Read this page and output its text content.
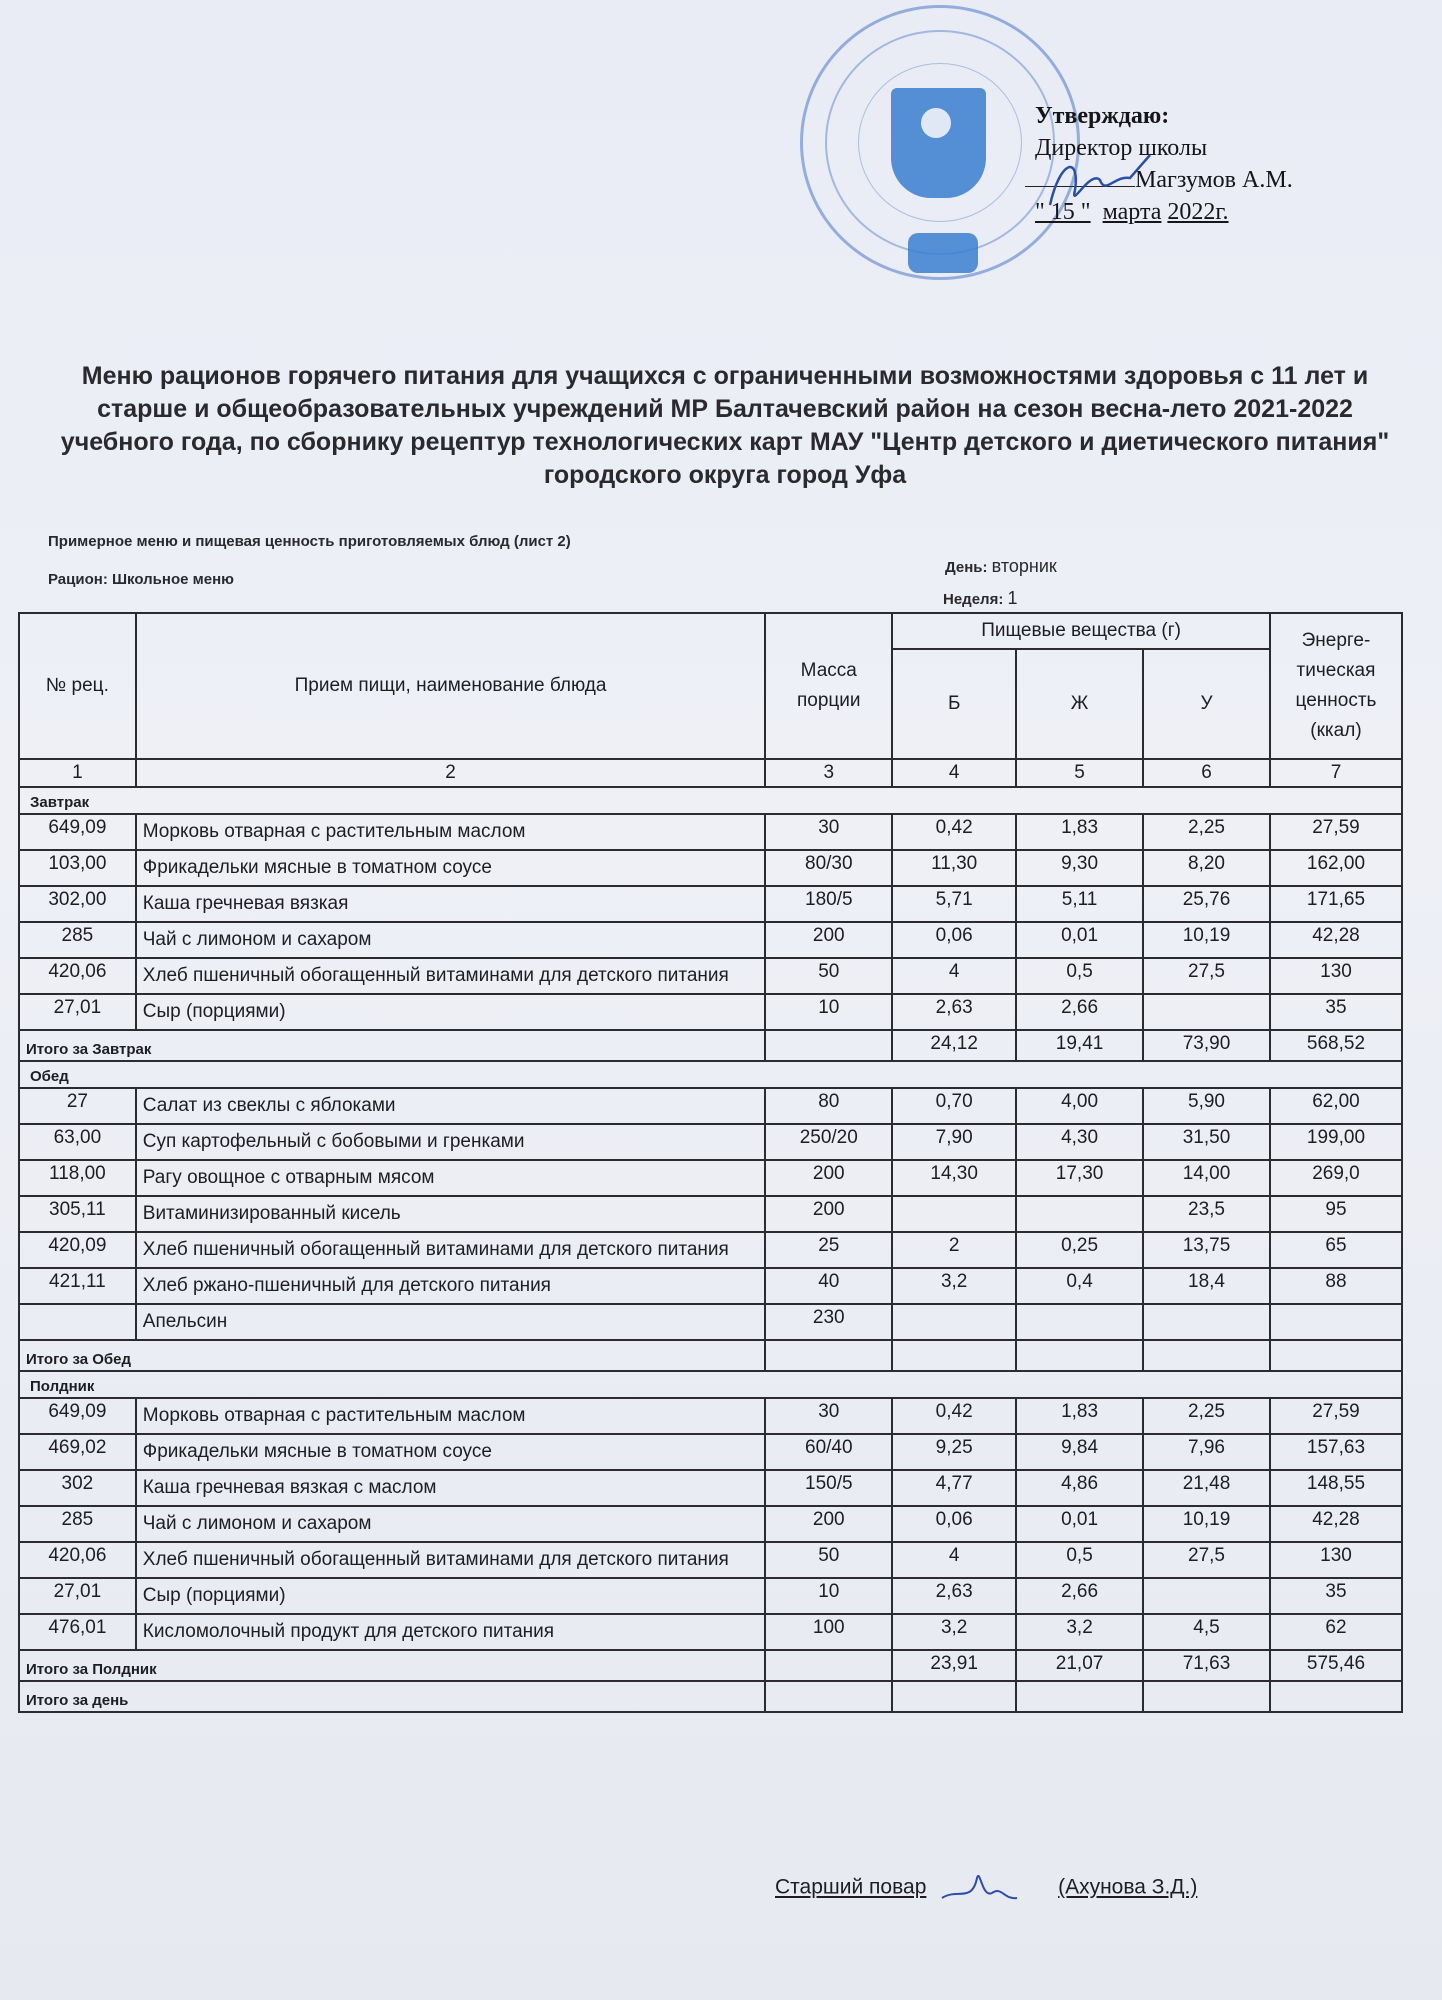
Утверждаю:
Директор школы
Магзумов А.М.
" 15 " марта 2022г.
Меню рационов горячего питания для учащихся с ограниченными возможностями здоровья с 11 лет и старше и общеобразовательных учреждений МР Балтачевский район на сезон весна-лето 2021-2022 учебного года, по сборнику рецептур технологических карт МАУ "Центр детского и диетического питания" городского округа город Уфа
Примерное меню и пищевая ценность приготовляемых блюд (лист 2)
Рацион: Школьное меню
День: вторник
Неделя: 1
№ рец.	Прием пищи, наименование блюда	Масса порции	Пищевые вещества (г)			Энерге-тическая ценность (ккал)
			Б	Ж	У	
1	2	3	4	5	6	7
Завтрак						
649,09	Морковь отварная с растительным маслом	30	0,42	1,83	2,25	27,59
103,00	Фрикадельки мясные в томатном соусе	80/30	11,30	9,30	8,20	162,00
302,00	Каша гречневая вязкая	180/5	5,71	5,11	25,76	171,65
285	Чай с лимоном и сахаром	200	0,06	0,01	10,19	42,28
420,06	Хлеб пшеничный обогащенный витаминами для детского питания	50	4	0,5	27,5	130
27,01	Сыр (порциями)	10	2,63	2,66		35
Итого за Завтрак			24,12	19,41	73,90	568,52
Обед						
27	Салат из свеклы с яблоками	80	0,70	4,00	5,90	62,00
63,00	Суп картофельный с бобовыми и гренками	250/20	7,90	4,30	31,50	199,00
118,00	Рагу овощное с отварным мясом	200	14,30	17,30	14,00	269,0
305,11	Витаминизированный кисель	200			23,5	95
420,09	Хлеб пшеничный обогащенный витаминами для детского питания	25	2	0,25	13,75	65
421,11	Хлеб ржано-пшеничный для детского питания	40	3,2	0,4	18,4	88
	Апельсин	230				
Итого за Обед						
Полдник						
649,09	Морковь отварная с растительным маслом	30	0,42	1,83	2,25	27,59
469,02	Фрикадельки мясные в томатном соусе	60/40	9,25	9,84	7,96	157,63
302	Каша гречневая вязкая с маслом	150/5	4,77	4,86	21,48	148,55
285	Чай с лимоном и сахаром	200	0,06	0,01	10,19	42,28
420,06	Хлеб пшеничный обогащенный витаминами для детского питания	50	4	0,5	27,5	130
27,01	Сыр (порциями)	10	2,63	2,66		35
476,01	Кисломолочный продукт для детского питания	100	3,2	3,2	4,5	62
Итого за Полдник			23,91	21,07	71,63	575,46
Итого за день						
Старший повар	(Ахунова З.Д.)
